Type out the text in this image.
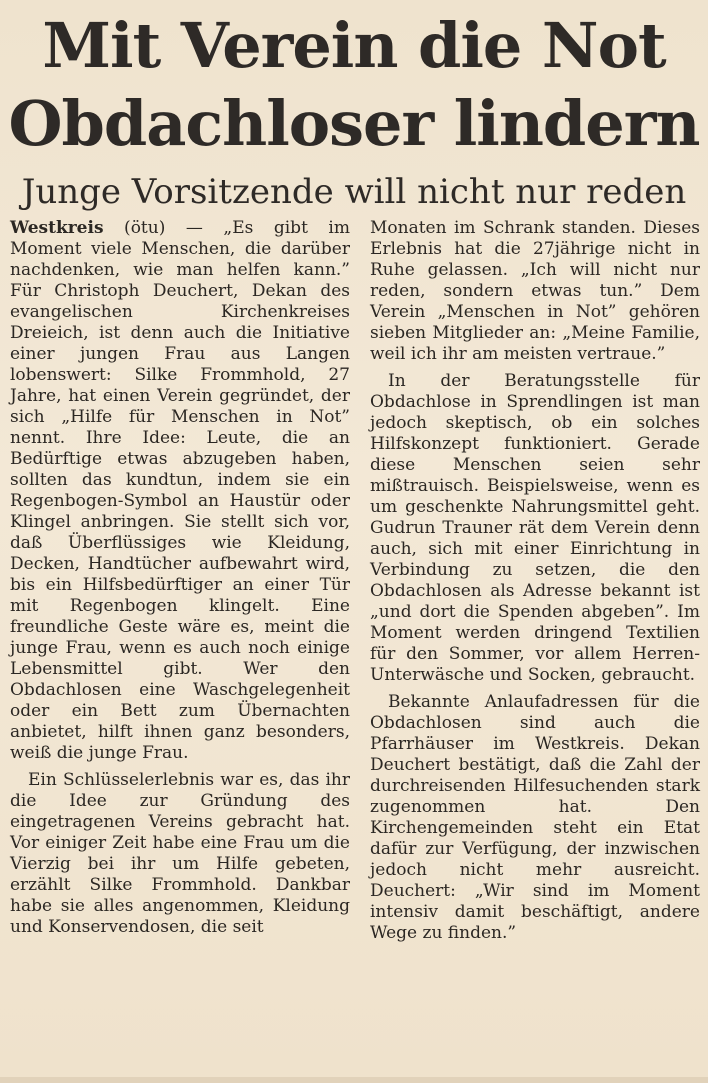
Mit Verein die Not
Obdachloser lindern
Junge Vorsitzende will nicht nur reden

Westkreis (ötu) — „Es gibt im Moment viele Menschen, die darüber nachdenken, wie man helfen kann.” Für Christoph Deuchert, Dekan des evangelischen Kirchenkreises Dreieich, ist denn auch die Initiative einer jungen Frau aus Langen lobenswert: Silke Frommhold, 27 Jahre, hat einen Verein gegründet, der sich „Hilfe für Menschen in Not” nennt. Ihre Idee: Leute, die an Bedürftige etwas abzugeben haben, sollten das kundtun, indem sie ein Regenbogen-Symbol an Haustür oder Klingel anbringen. Sie stellt sich vor, daß Überflüssiges wie Kleidung, Decken, Handtücher aufbewahrt wird, bis ein Hilfsbedürftiger an einer Tür mit Regenbogen klingelt. Eine freundliche Geste wäre es, meint die junge Frau, wenn es auch noch einige Lebensmittel gibt. Wer den Obdachlosen eine Waschgelegenheit oder ein Bett zum Übernachten anbietet, hilft ihnen ganz besonders, weiß die junge Frau.

Ein Schlüsselerlebnis war es, das ihr die Idee zur Gründung des eingetragenen Vereins gebracht hat. Vor einiger Zeit habe eine Frau um die Vierzig bei ihr um Hilfe gebeten, erzählt Silke Frommhold. Dankbar habe sie alles angenommen, Kleidung und Konservendosen, die seit

Monaten im Schrank standen. Dieses Erlebnis hat die 27jährige nicht in Ruhe gelassen. „Ich will nicht nur reden, sondern etwas tun.” Dem Verein „Menschen in Not” gehören sieben Mitglieder an: „Meine Familie, weil ich ihr am meisten vertraue.”

In der Beratungsstelle für Obdachlose in Sprendlingen ist man jedoch skeptisch, ob ein solches Hilfskonzept funktioniert. Gerade diese Menschen seien sehr mißtrauisch. Beispielsweise, wenn es um geschenkte Nahrungsmittel geht. Gudrun Trauner rät dem Verein denn auch, sich mit einer Einrichtung in Verbindung zu setzen, die den Obdachlosen als Adresse bekannt ist „und dort die Spenden abgeben”. Im Moment werden dringend Textilien für den Sommer, vor allem Herren-Unterwäsche und Socken, gebraucht.

Bekannte Anlaufadressen für die Obdachlosen sind auch die Pfarrhäuser im Westkreis. Dekan Deuchert bestätigt, daß die Zahl der durchreisenden Hilfesuchenden stark zugenommen hat. Den Kirchengemeinden steht ein Etat dafür zur Verfügung, der inzwischen jedoch nicht mehr ausreicht. Deuchert: „Wir sind im Moment intensiv damit beschäftigt, andere Wege zu finden.”
